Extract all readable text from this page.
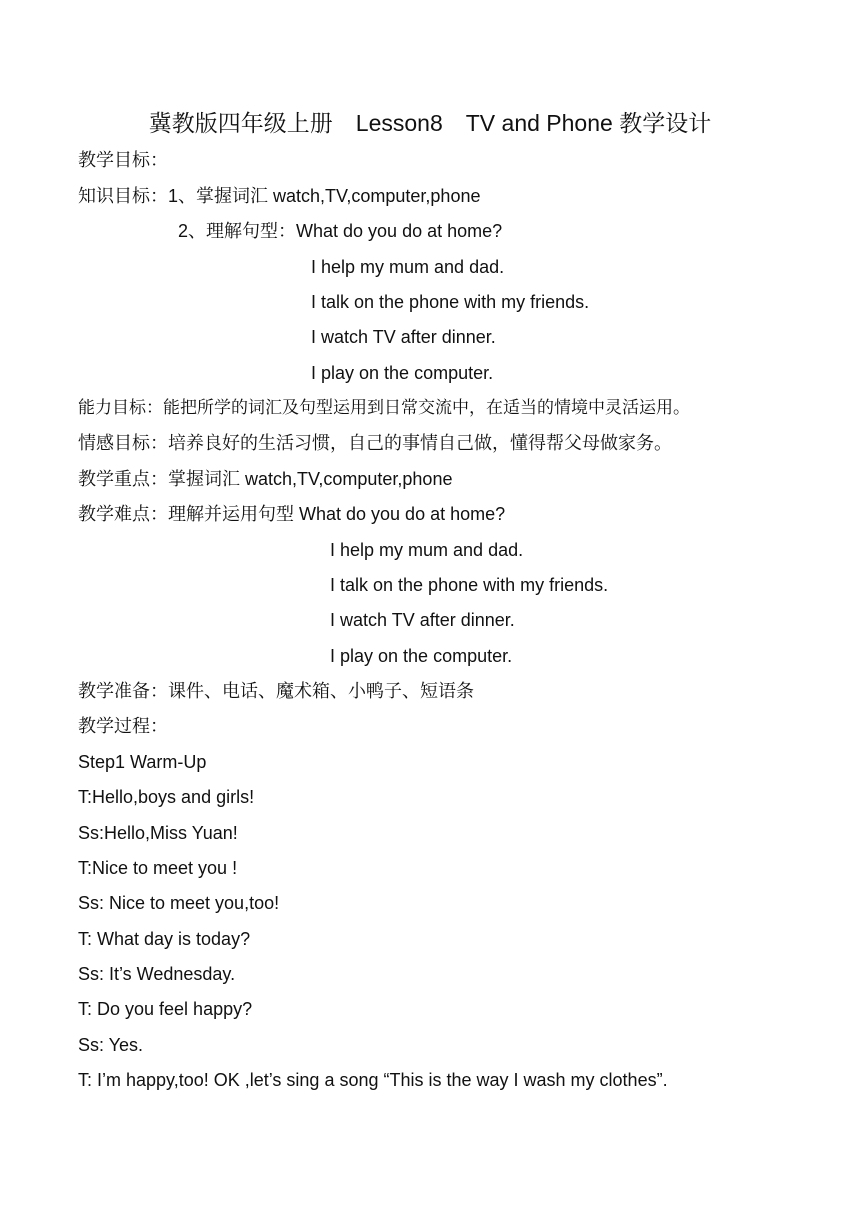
冀教版四年级上册　Lesson8　TV and Phone 教学设计
教学目标：
知识目标：1、掌握词汇 watch,TV,computer,phone
2、理解句型：What do you do at home?
I help my mum and dad.
I talk on the phone with my friends.
I watch TV after dinner.
I play on the computer.
能力目标：能把所学的词汇及句型运用到日常交流中，在适当的情境中灵活运用。
情感目标：培养良好的生活习惯，自己的事情自己做，懂得帮父母做家务。
教学重点：掌握词汇 watch,TV,computer,phone
教学难点：理解并运用句型 What do you do at home?
I help my mum and dad.
I talk on the phone with my friends.
I watch TV after dinner.
I play on the computer.
教学准备：课件、电话、魔术箱、小鸭子、短语条
教学过程：
Step1 Warm-Up
T:Hello,boys and girls!
Ss:Hello,Miss Yuan!
T:Nice to meet you !
Ss: Nice to meet you,too!
T: What day is today?
Ss: It’s Wednesday.
T: Do you feel happy?
Ss: Yes.
T: I’m happy,too! OK ,let’s sing a song “This is the way I wash my clothes”.
